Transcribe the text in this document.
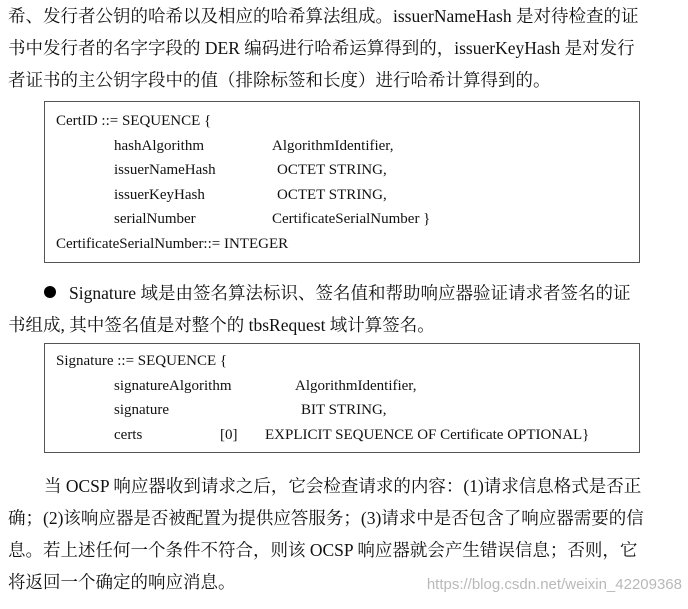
希、发行者公钥的哈希以及相应的哈希算法组成。issuerNameHash 是对待检查的证
书中发行者的名字字段的 DER 编码进行哈希运算得到的，issuerKeyHash 是对发行
者证书的主公钥字段中的值（排除标签和长度）进行哈希计算得到的。
CertID ::= SEQUENCE {
hashAlgorithm	AlgorithmIdentifier,
issuerNameHash	OCTET STRING,
issuerKeyHash	OCTET STRING,
serialNumber	CertificateSerialNumber }
CertificateSerialNumber::= INTEGER
Signature 域是由签名算法标识、签名值和帮助响应器验证请求者签名的证
书组成, 其中签名值是对整个的 tbsRequest 域计算签名。
Signature ::= SEQUENCE {
signatureAlgorithm	AlgorithmIdentifier,
signature	BIT STRING,
certs	[0] EXPLICIT SEQUENCE OF Certificate OPTIONAL}
当 OCSP 响应器收到请求之后，它会检查请求的内容：(1)请求信息格式是否正
确；(2)该响应器是否被配置为提供应答服务；(3)请求中是否包含了响应器需要的信
息。若上述任何一个条件不符合，则该 OCSP 响应器就会产生错误信息；否则，它
将返回一个确定的响应消息。	https://blog.csdn.net/weixin_42209368
